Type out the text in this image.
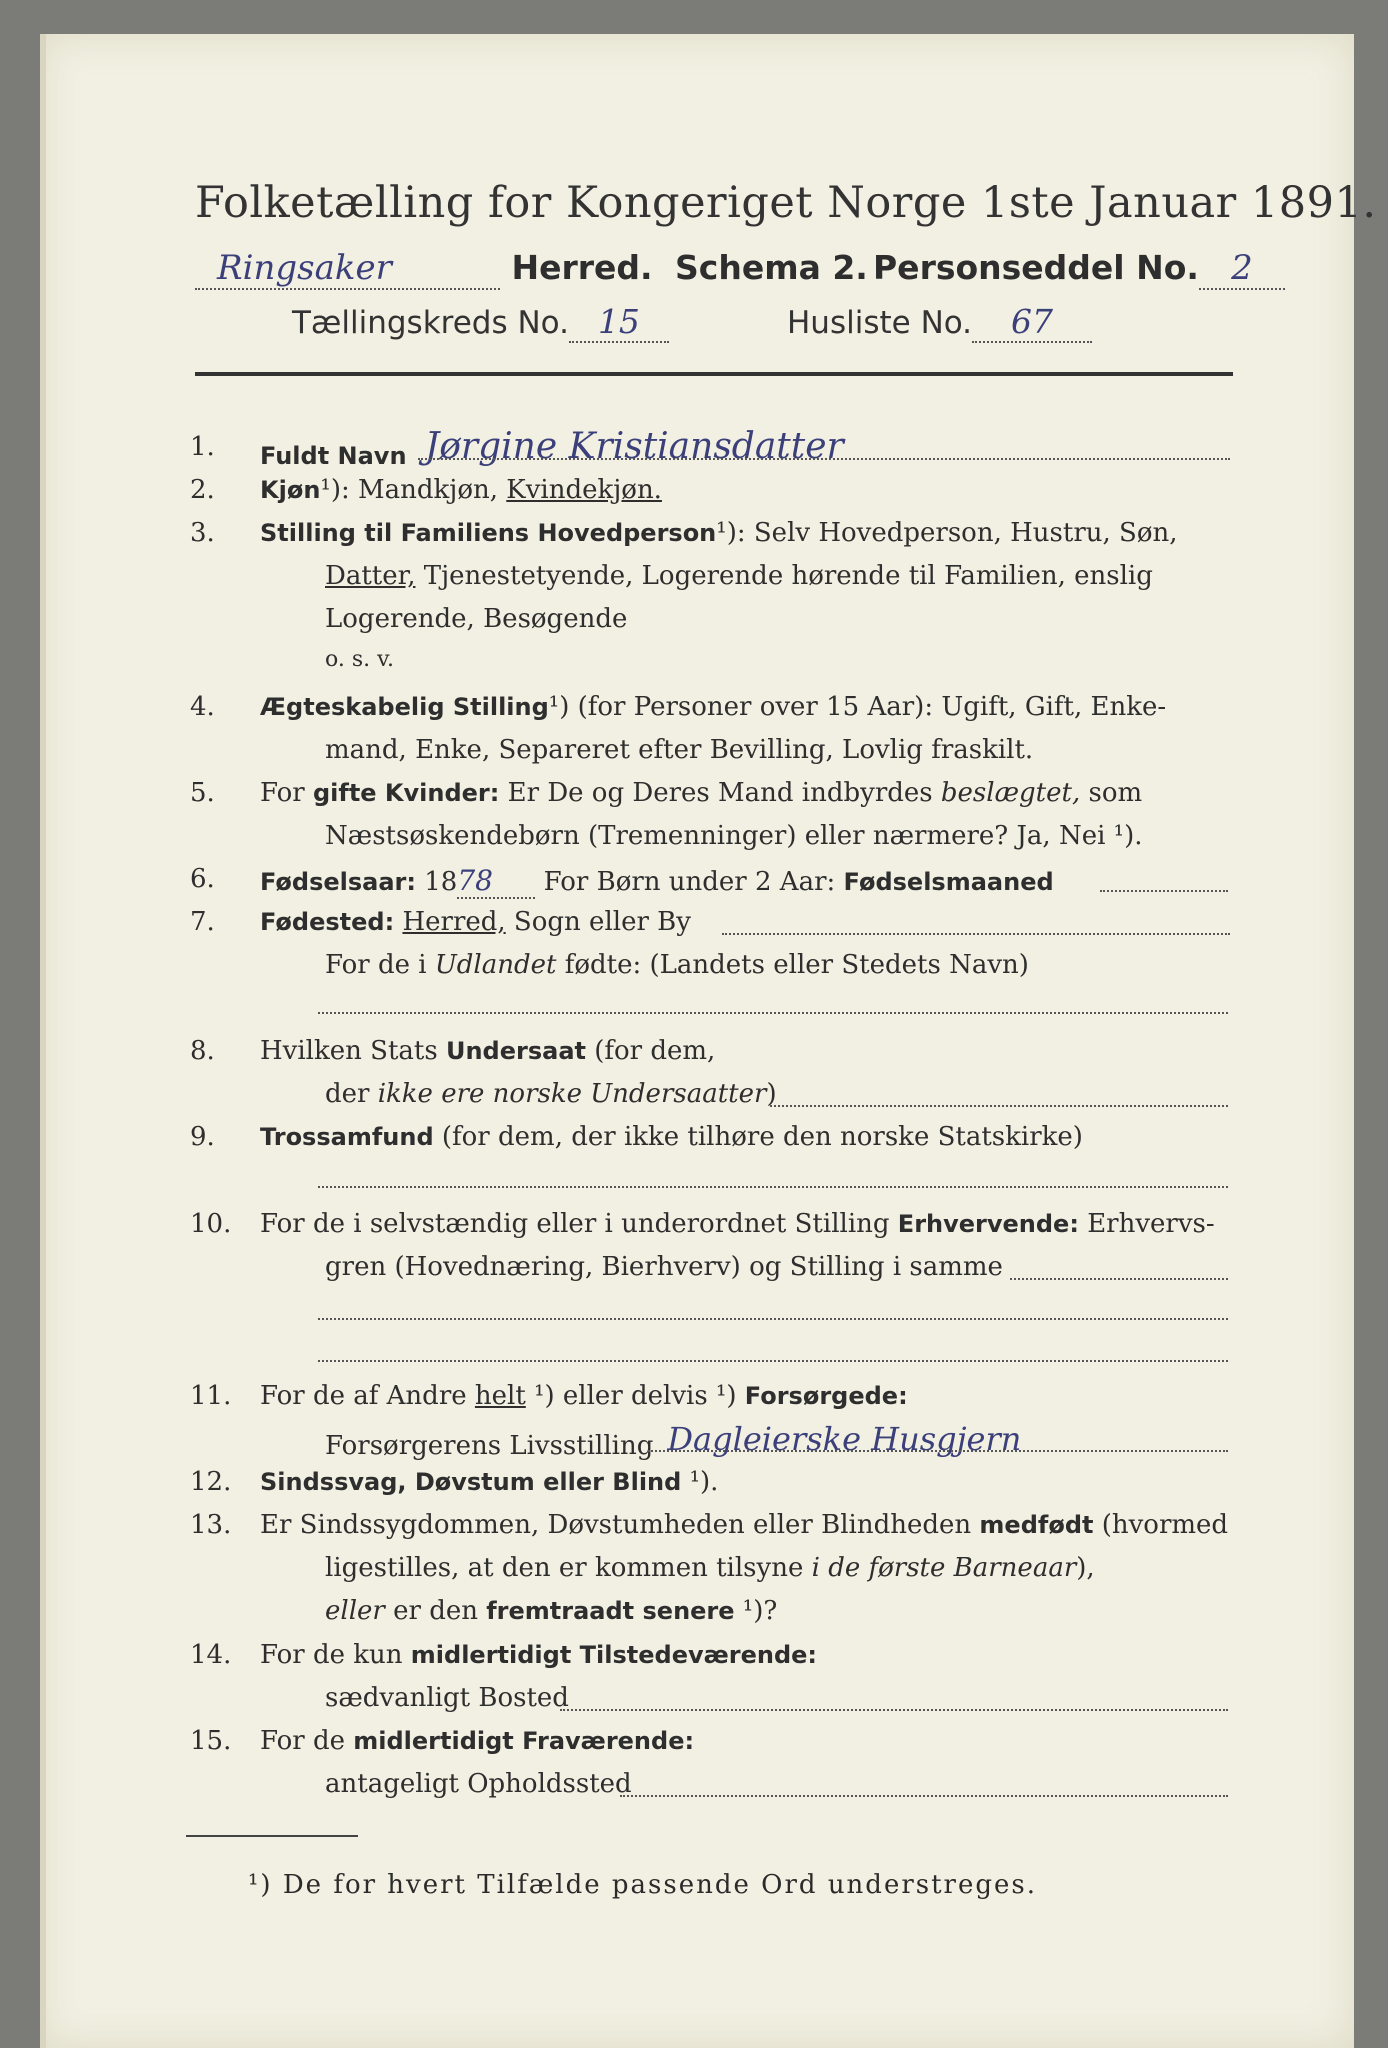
Folketælling for Kongeriget Norge 1ste Januar 1891.
Ringsaker	Herred. Schema 2. Personseddel No. 2
Tællingskreds No. 15	Husliste No. 67
1.	Fuldt Navn Jørgine Kristiansdatter
2.	Kjøn¹): Mandkjøn, Kvindekjøn.
3.	Stilling til Familiens Hovedperson¹): Selv Hovedperson, Hustru, Søn,
Datter, Tjenestetyende, Logerende hørende til Familien, enslig
Logerende, Besøgende
o. s. v.
4.	Ægteskabelig Stilling¹) (for Personer over 15 Aar): Ugift, Gift, Enke-
mand, Enke, Separeret efter Bevilling, Lovlig fraskilt.
5.	For gifte Kvinder: Er De og Deres Mand indbyrdes beslægtet, som
Næstsøskendebørn (Tremenninger) eller nærmere? Ja, Nei ¹).
6.	Fødselsaar: 1878 For Børn under 2 Aar: Fødselsmaaned
7.	Fødested: Herred, Sogn eller By
For de i Udlandet fødte: (Landets eller Stedets Navn)
8.	Hvilken Stats Undersaat (for dem,
der ikke ere norske Undersaatter)
9.	Trossamfund (for dem, der ikke tilhøre den norske Statskirke)
10. For de i selvstændig eller i underordnet Stilling Erhvervende: Erhvervs-
gren (Hovednæring, Bierhverv) og Stilling i samme
11. For de af Andre helt ¹) eller delvis ¹) Forsørgede:
Forsørgerens Livsstilling Dagleierske Husgjern
12. Sindssvag, Døvstum eller Blind ¹).
13. Er Sindssygdommen, Døvstumheden eller Blindheden medfødt (hvormed
ligestilles, at den er kommen tilsyne i de første Barneaar),
eller er den fremtraadt senere ¹)?
14. For de kun midlertidigt Tilstedeværende:
sædvanligt Bosted
15. For de midlertidigt Fraværende:
antageligt Opholdssted
¹) De for hvert Tilfælde passende Ord understreges.
